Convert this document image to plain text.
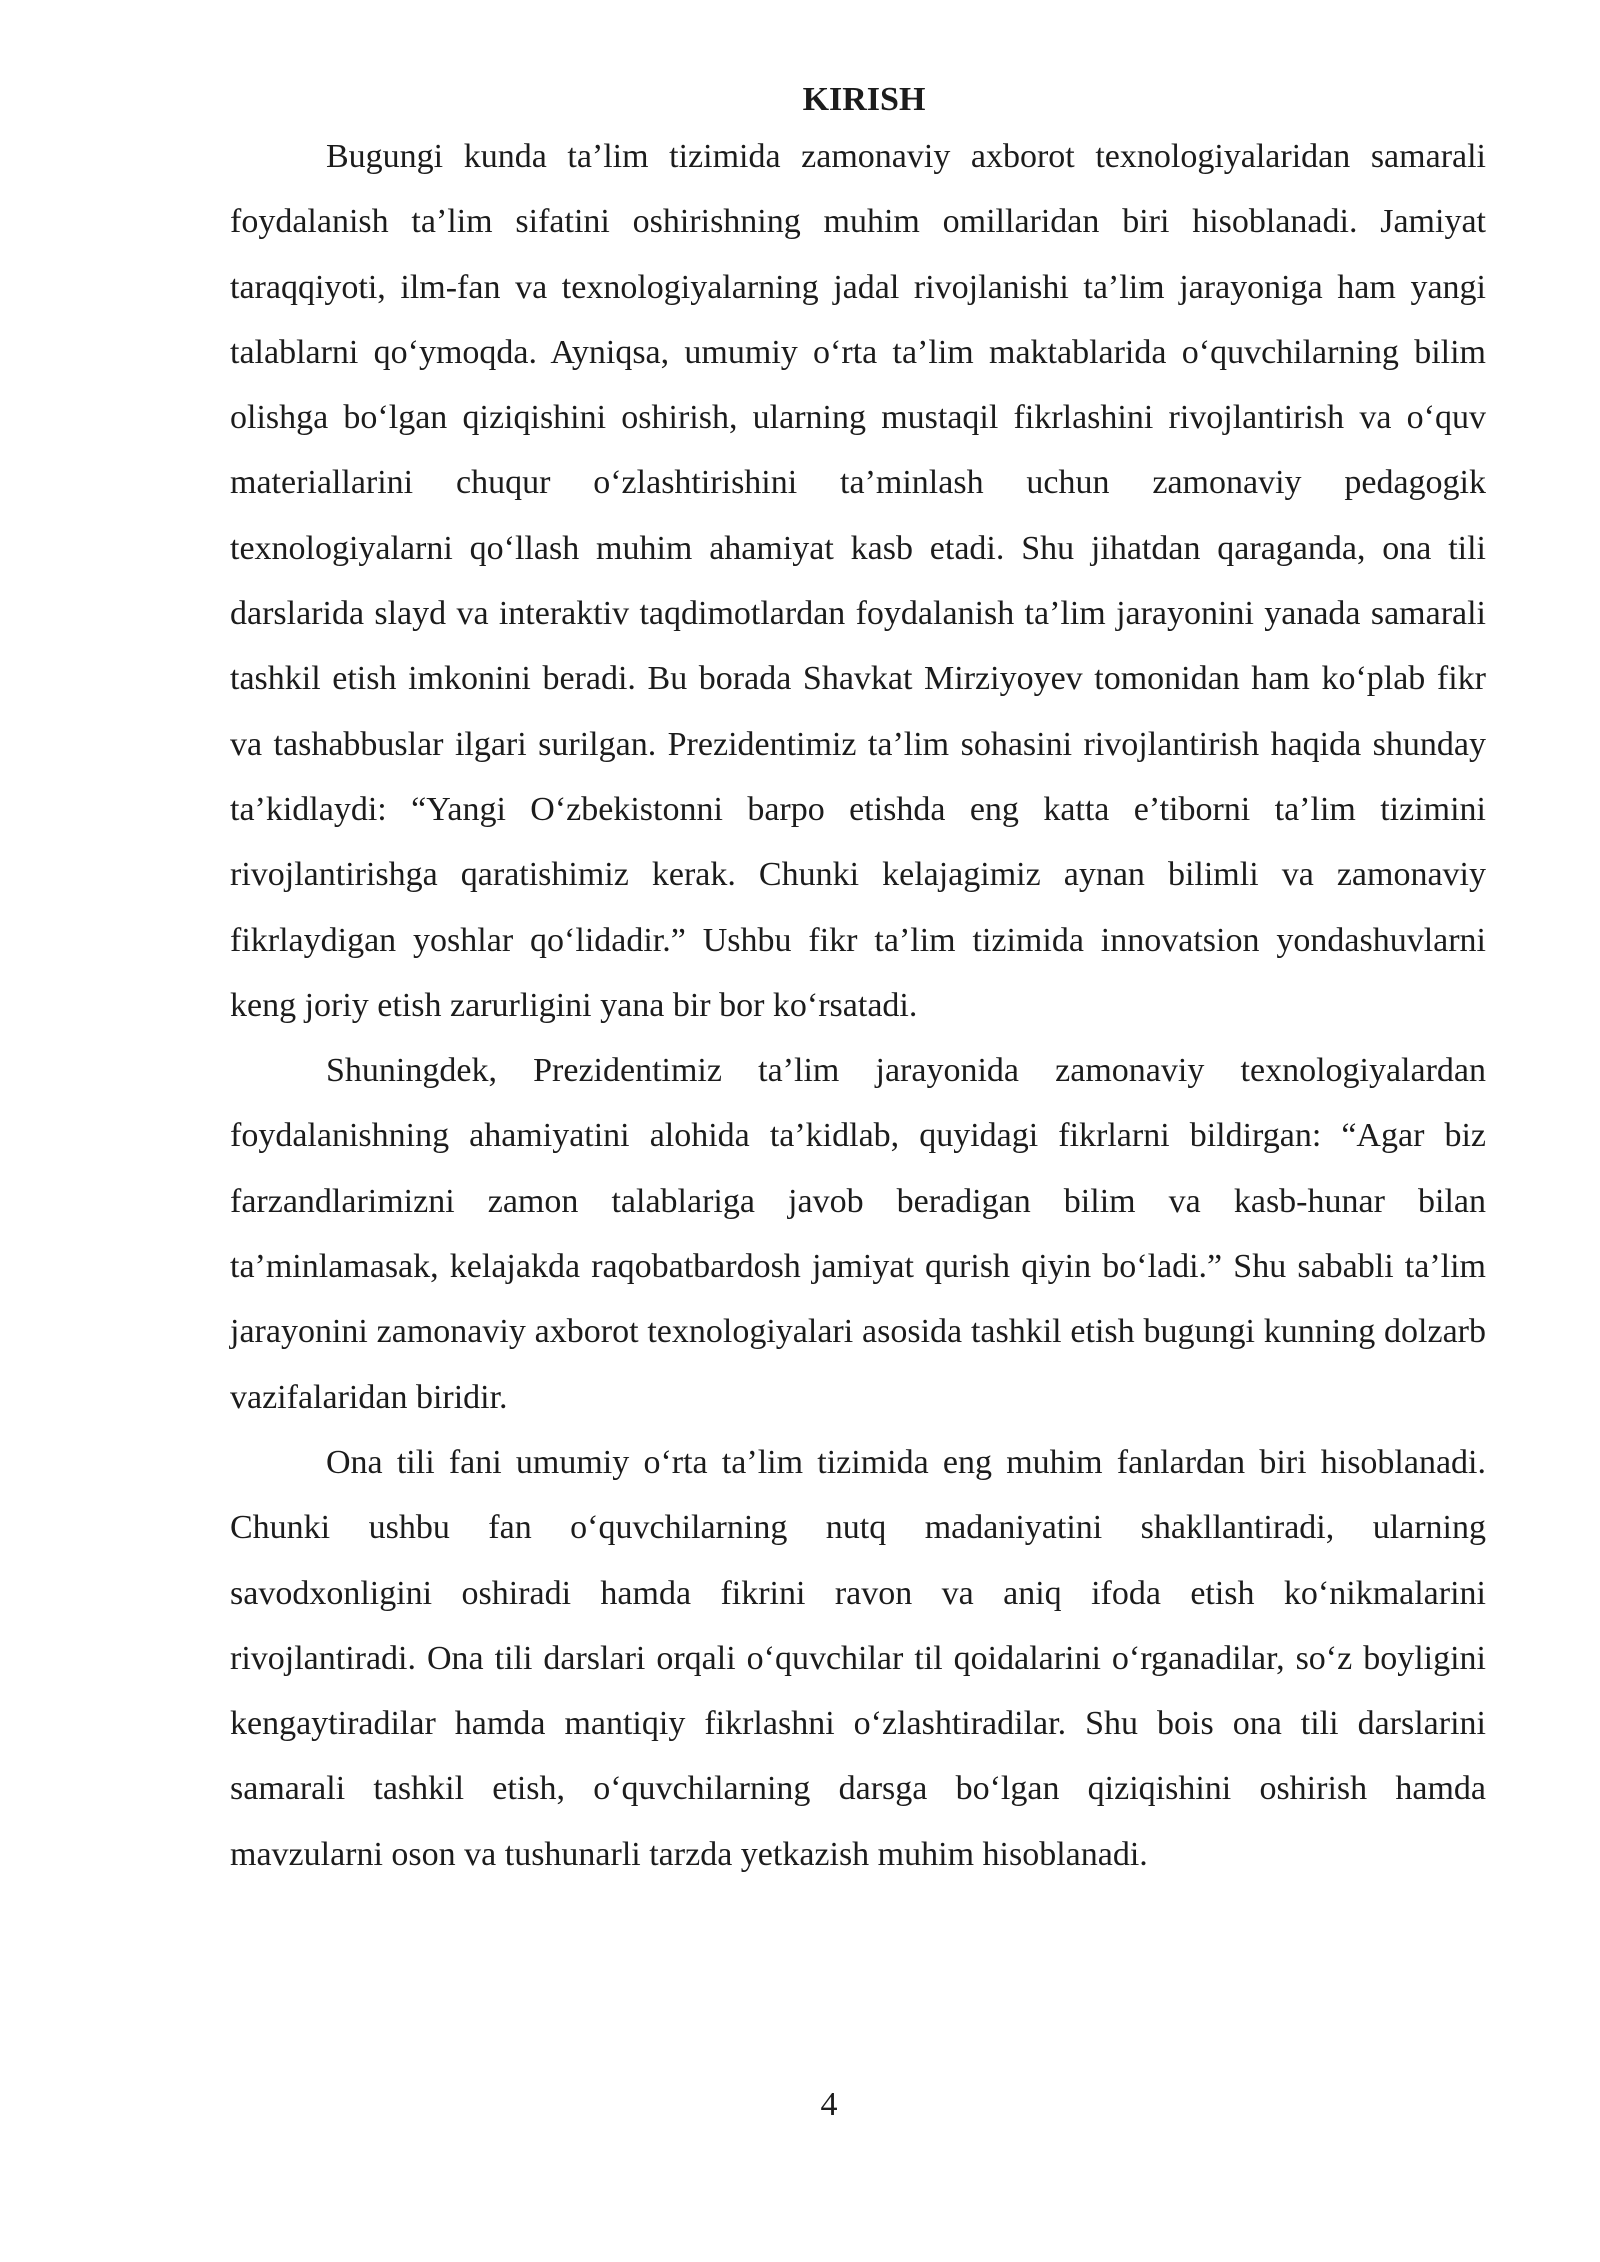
KIRISH

Bugungi kunda ta’lim tizimida zamonaviy axborot texnologiyalaridan samarali foydalanish ta’lim sifatini oshirishning muhim omillaridan biri hisoblanadi. Jamiyat taraqqiyoti, ilm-fan va texnologiyalarning jadal rivojlanishi ta’lim jarayoniga ham yangi talablarni qo‘ymoqda. Ayniqsa, umumiy o‘rta ta’lim maktablarida o‘quvchilarning bilim olishga bo‘lgan qiziqishini oshirish, ularning mustaqil fikrlashini rivojlantirish va o‘quv materiallarini chuqur o‘zlashtirishini ta’minlash uchun zamonaviy pedagogik texnologiyalarni qo‘llash muhim ahamiyat kasb etadi. Shu jihatdan qaraganda, ona tili darslarida slayd va interaktiv taqdimotlardan foydalanish ta’lim jarayonini yanada samarali tashkil etish imkonini beradi. Bu borada Shavkat Mirziyoyev tomonidan ham ko‘plab fikr va tashabbuslar ilgari surilgan. Prezidentimiz ta’lim sohasini rivojlantirish haqida shunday ta’kidlaydi: “Yangi O‘zbekistonni barpo etishda eng katta e’tiborni ta’lim tizimini rivojlantirishga qaratishimiz kerak. Chunki kelajagimiz aynan bilimli va zamonaviy fikrlaydigan yoshlar qo‘lidadir.” Ushbu fikr ta’lim tizimida innovatsion yondashuvlarni keng joriy etish zarurligini yana bir bor ko‘rsatadi.

Shuningdek, Prezidentimiz ta’lim jarayonida zamonaviy texnologiyalardan foydalanishning ahamiyatini alohida ta’kidlab, quyidagi fikrlarni bildirgan: “Agar biz farzandlarimizni zamon talablariga javob beradigan bilim va kasb-hunar bilan ta’minlamasak, kelajakda raqobatbardosh jamiyat qurish qiyin bo‘ladi.” Shu sababli ta’lim jarayonini zamonaviy axborot texnologiyalari asosida tashkil etish bugungi kunning dolzarb vazifalaridan biridir.

Ona tili fani umumiy o‘rta ta’lim tizimida eng muhim fanlardan biri hisoblanadi. Chunki ushbu fan o‘quvchilarning nutq madaniyatini shakllantiradi, ularning savodxonligini oshiradi hamda fikrini ravon va aniq ifoda etish ko‘nikmalarini rivojlantiradi. Ona tili darslari orqali o‘quvchilar til qoidalarini o‘rganadilar, so‘z boyligini kengaytiradilar hamda mantiqiy fikrlashni o‘zlashtiradilar. Shu bois ona tili darslarini samarali tashkil etish, o‘quvchilarning darsga bo‘lgan qiziqishini oshirish hamda mavzularni oson va tushunarli tarzda yetkazish muhim hisoblanadi.

4
